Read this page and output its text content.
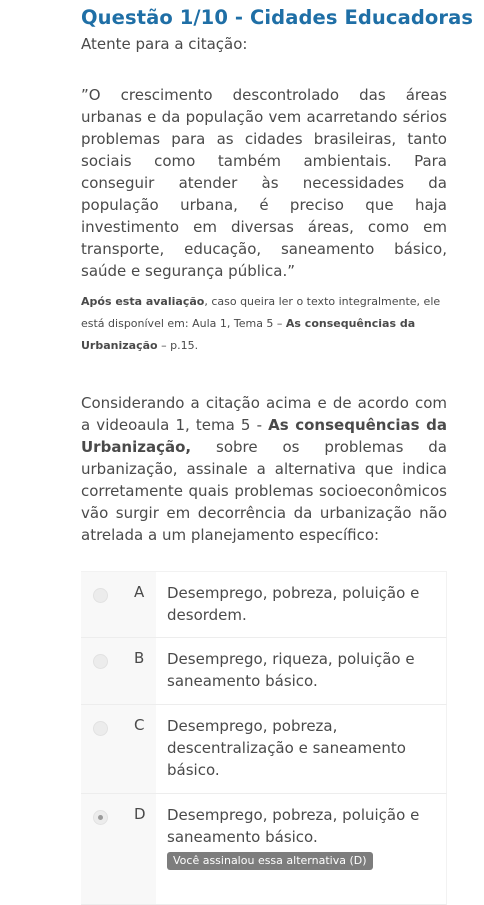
Questão 1/10 - Cidades Educadoras

Atente para a citação:

”O crescimento descontrolado das áreas urbanas e da população vem acarretando sérios problemas para as cidades brasileiras, tanto sociais como também ambientais. Para conseguir atender às necessidades da população urbana, é preciso que haja investimento em diversas áreas, como em transporte, educação, saneamento básico, saúde e segurança pública.”

Após esta avaliação, caso queira ler o texto integralmente, ele está disponível em: Aula 1, Tema 5 – As consequências da Urbanização – p.15.

Considerando a citação acima e de acordo com a videoaula 1, tema 5 - As consequências da Urbanização, sobre os problemas da urbanização, assinale a alternativa que indica corretamente quais problemas socioeconômicos vão surgir em decorrência da urbanização não atrelada a um planejamento específico:

A	Desemprego, pobreza, poluição e desordem.
B	Desemprego, riqueza, poluição e saneamento básico.
C	Desemprego, pobreza, descentralização e saneamento básico.
D Desemprego, pobreza, poluição e saneamento básico.
Você assinalou essa alternativa (D)
